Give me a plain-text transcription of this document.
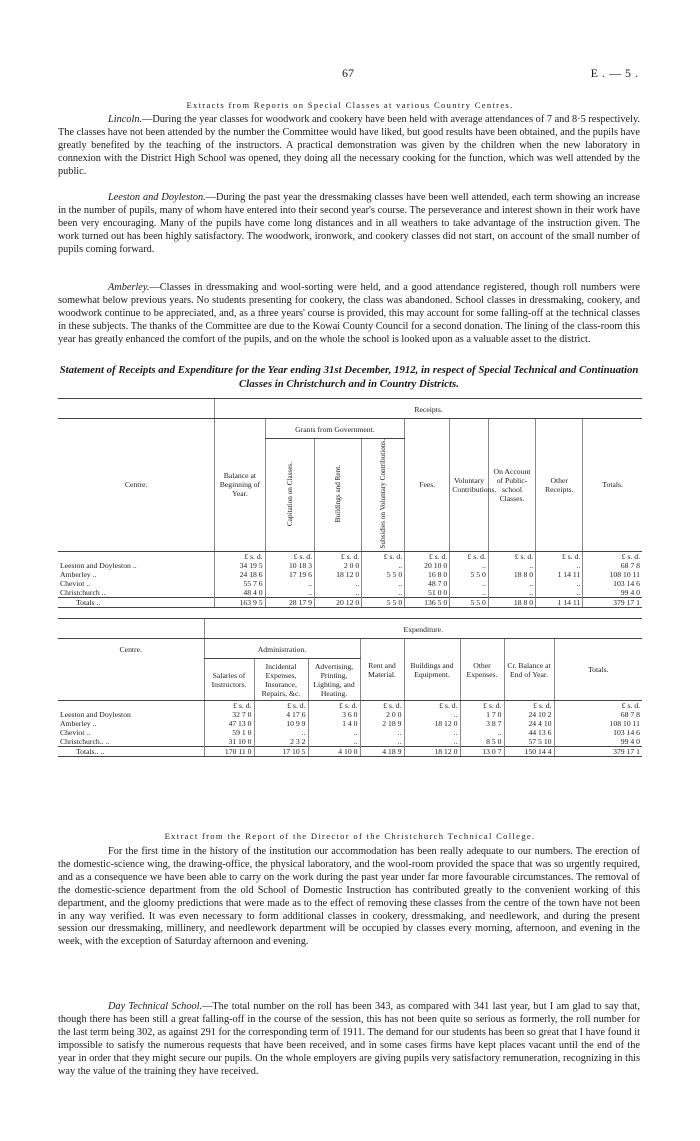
67	E.—5.
Extracts from Reports on Special Classes at various Country Centres.

Lincoln.—During the year classes for woodwork and cookery have been held with average attendances of 7 and 8·5 respectively. The classes have not been attended by the number the Committee would have liked, but good results have been obtained, and the pupils have greatly benefited by the teaching of the instructors. A practical demonstration was given by the children when the new laboratory in connexion with the District High School was opened, they doing all the necessary cooking for the function, which was well attended by the public.

Leeston and Doyleston.—During the past year the dressmaking classes have been well attended, each term showing an increase in the number of pupils, many of whom have entered into their second year's course. The perseverance and interest shown in their work have been very encouraging. Many of the pupils have come long distances and in all weathers to take advantage of the instruction given. The work turned out has been highly satisfactory. The woodwork, ironwork, and cookery classes did not start, on account of the small number of pupils coming forward.

Amberley.—Classes in dressmaking and wool-sorting were held, and a good attendance registered, though roll numbers were somewhat below previous years. No students presenting for cookery, the class was abandoned. School classes in dressmaking, cookery, and woodwork continue to be appreciated, and, as a three years' course is provided, this may account for some falling-off at the technical classes in these subjects. The thanks of the Committee are due to the Kowai County Council for a second donation. The lining of the class-room this year has greatly enhanced the comfort of the pupils, and on the whole the school is looked upon as a valuable asset to the district.

Statement of Receipts and Expenditure for the Year ending 31st December, 1912, in respect of Special Technical and Continuation Classes in Christchurch and in Country Districts.
	Receipts.								
Centre.	Balance at Beginning of Year.	Grants from Government.			Fees.	Voluntary Contributions.	On Account of Public-school Classes.	Other Receipts.	Totals.
		Capitation on Classes.	Buildings and Rent.	Subsidies on Voluntary Contributions.					
	£ s. d.	£ s. d.	£ s. d.	£ s. d.	£ s. d.	£ s. d.	£ s. d.	£ s. d.	£ s. d.
Leeston and Doyleston ..	34 19 5	10 18 3	2 0 0	..	20 10 0	..	..	..	68 7 8
Amberley ..	24 18 6	17 19 6	18 12 0	5 5 0	16 8 0	5 5 0	18 8 0	1 14 11	108 10 11
Cheviot ..	55 7 6	..	..	..	48 7 0	..	..	..	103 14 6
Christchurch ..	48 4 0	..	..	..	51 0 0	..	..	..	99 4 0
Totals ..	163 9 5	28 17 9	20 12 0	5 5 0	136 5 0	5 5 0	18 8 0	1 14 11	379 17 1
	Expenditure.							
Centre.	Administration.			Rent and Material.	Buildings and Equipment.	Other Expenses.	Cr. Balance at End of Year.	Totals.
	Salaries of Instructors.	Incidental Expenses, Insurance, Repairs, &c.	Advertising, Printing, Lighting, and Heating.					
	£ s. d.	£ s. d.	£ s. d.	£ s. d.	£ s. d.	£ s. d.	£ s. d.	£ s. d.
Leeston and Doyleston	32 7 0	4 17 6	3 6 0	2 0 0	..	1 7 0	24 10 2	68 7 8
Amberley ..	47 13 0	10 9 9	1 4 0	2 18 9	18 12 0	3 8 7	24 4 10	108 10 11
Cheviot ..	59 1 0	..	..	..	..	..	44 13 6	103 14 6
Christchurch.. ..	31 10 0	2 3 2	..	..	..	8 5 0	57 5 10	99 4 0
Totals.. ..	170 11 0	17 10 5	4 10 0	4 18 9	18 12 0	13 0 7	150 14 4	379 17 1
Extract from the Report of the Director of the Christchurch Technical College.

For the first time in the history of the institution our accommodation has been really adequate to our numbers. The erection of the domestic-science wing, the drawing-office, the physical laboratory, and the wool-room provided the space that was so urgently required, and as a consequence we have been able to carry on the work during the past year under far more favourable circumstances. The removal of the domestic-science department from the old School of Domestic Instruction has contributed greatly to the convenient working of this department, and the gloomy predictions that were made as to the effect of removing these classes from the centre of the town have not been in any way verified. It was even necessary to form additional classes in cookery, dressmaking, and needlework, and during the present session our dressmaking, millinery, and needlework department will be occupied by classes every morning, afternoon, and evening in the week, with the exception of Saturday afternoon and evening.

Day Technical School.—The total number on the roll has been 343, as compared with 341 last year, but I am glad to say that, though there has been still a great falling-off in the course of the session, this has not been quite so serious as formerly, the roll number for the last term being 302, as against 291 for the corresponding term of 1911. The demand for our students has been so great that I have found it impossible to satisfy the numerous requests that have been received, and in some cases firms have kept places vacant until the end of the year in order that they might secure our pupils. On the whole employers are giving pupils very satisfactory remuneration, recognizing in this way the value of the training they have received.
